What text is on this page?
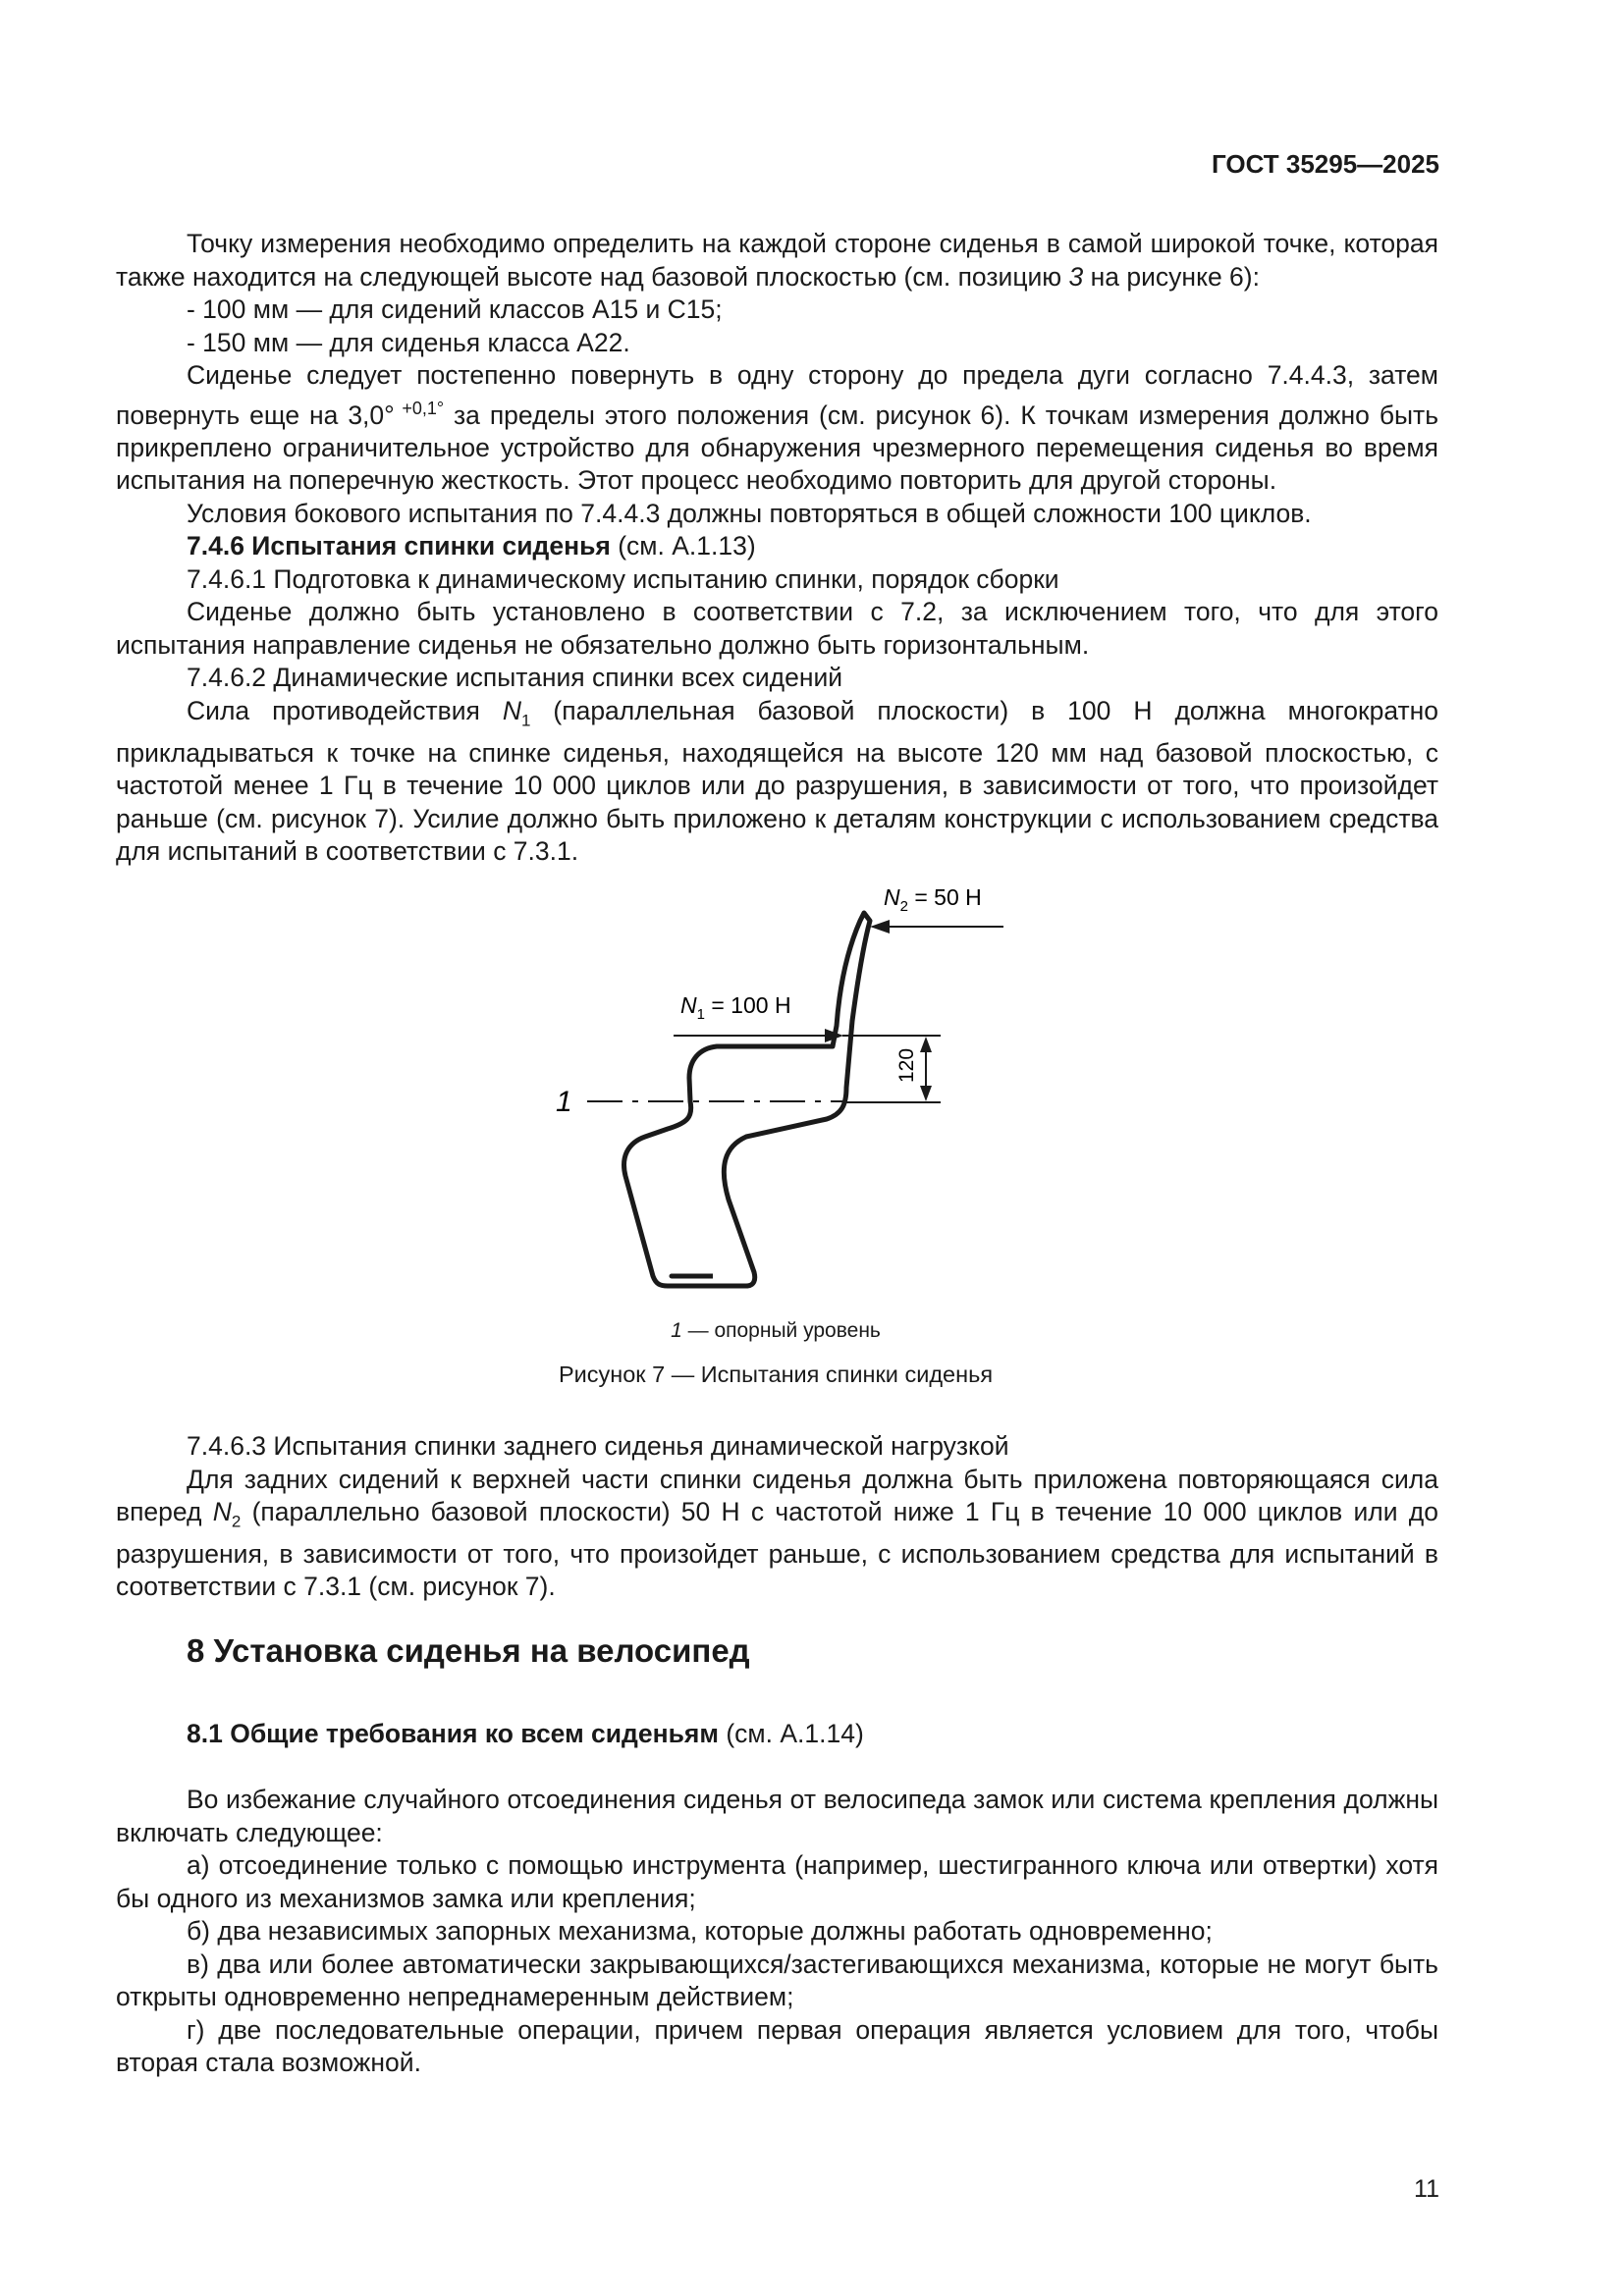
ГОСТ 35295—2025

Точку измерения необходимо определить на каждой стороне сиденья в самой широкой точке, которая также находится на следующей высоте над базовой плоскостью (см. позицию 3 на рисунке 6):

- 100 мм — для сидений классов A15 и C15;

- 150 мм — для сиденья класса A22.

Сиденье следует постепенно повернуть в одну сторону до предела дуги согласно 7.4.4.3, затем повернуть еще на 3,0° $^{+0,1^\circ}$ за пределы этого положения (см. рисунок 6). К точкам измерения должно быть прикреплено ограничительное устройство для обнаружения чрезмерного перемещения сиденья во время испытания на поперечную жесткость. Этот процесс необходимо повторить для другой стороны.

Условия бокового испытания по 7.4.4.3 должны повторяться в общей сложности 100 циклов.

7.4.6 Испытания спинки сиденья (см. A.1.13)

7.4.6.1 Подготовка к динамическому испытанию спинки, порядок сборки

Сиденье должно быть установлено в соответствии с 7.2, за исключением того, что для этого испытания направление сиденья не обязательно должно быть горизонтальным.

7.4.6.2 Динамические испытания спинки всех сидений

Сила противодействия $N_1$ (параллельная базовой плоскости) в 100 Н должна многократно прикладываться к точке на спинке сиденья, находящейся на высоте 120 мм над базовой плоскостью, с частотой менее 1 Гц в течение 10 000 циклов или до разрушения, в зависимости от того, что произойдет раньше (см. рисунок 7). Усилие должно быть приложено к деталям конструкции с использованием средства для испытаний в соответствии с 7.3.1.

$N_2 = 50$ Н
$N_1 = 100$ Н
120
1
1 — опорный уровень
Рисунок 7 — Испытания спинки сиденья

7.4.6.3 Испытания спинки заднего сиденья динамической нагрузкой

Для задних сидений к верхней части спинки сиденья должна быть приложена повторяющаяся сила вперед $N_2$ (параллельно базовой плоскости) 50 Н с частотой ниже 1 Гц в течение 10 000 циклов или до разрушения, в зависимости от того, что произойдет раньше, с использованием средства для испытаний в соответствии с 7.3.1 (см. рисунок 7).

8 Установка сиденья на велосипед

8.1 Общие требования ко всем сиденьям (см. A.1.14)

Во избежание случайного отсоединения сиденья от велосипеда замок или система крепления должны включать следующее:

а) отсоединение только с помощью инструмента (например, шестигранного ключа или отвертки) хотя бы одного из механизмов замка или крепления;

б) два независимых запорных механизма, которые должны работать одновременно;

в) два или более автоматически закрывающихся/застегивающихся механизма, которые не могут быть открыты одновременно непреднамеренным действием;

г) две последовательные операции, причем первая операция является условием для того, чтобы вторая стала возможной.

11
